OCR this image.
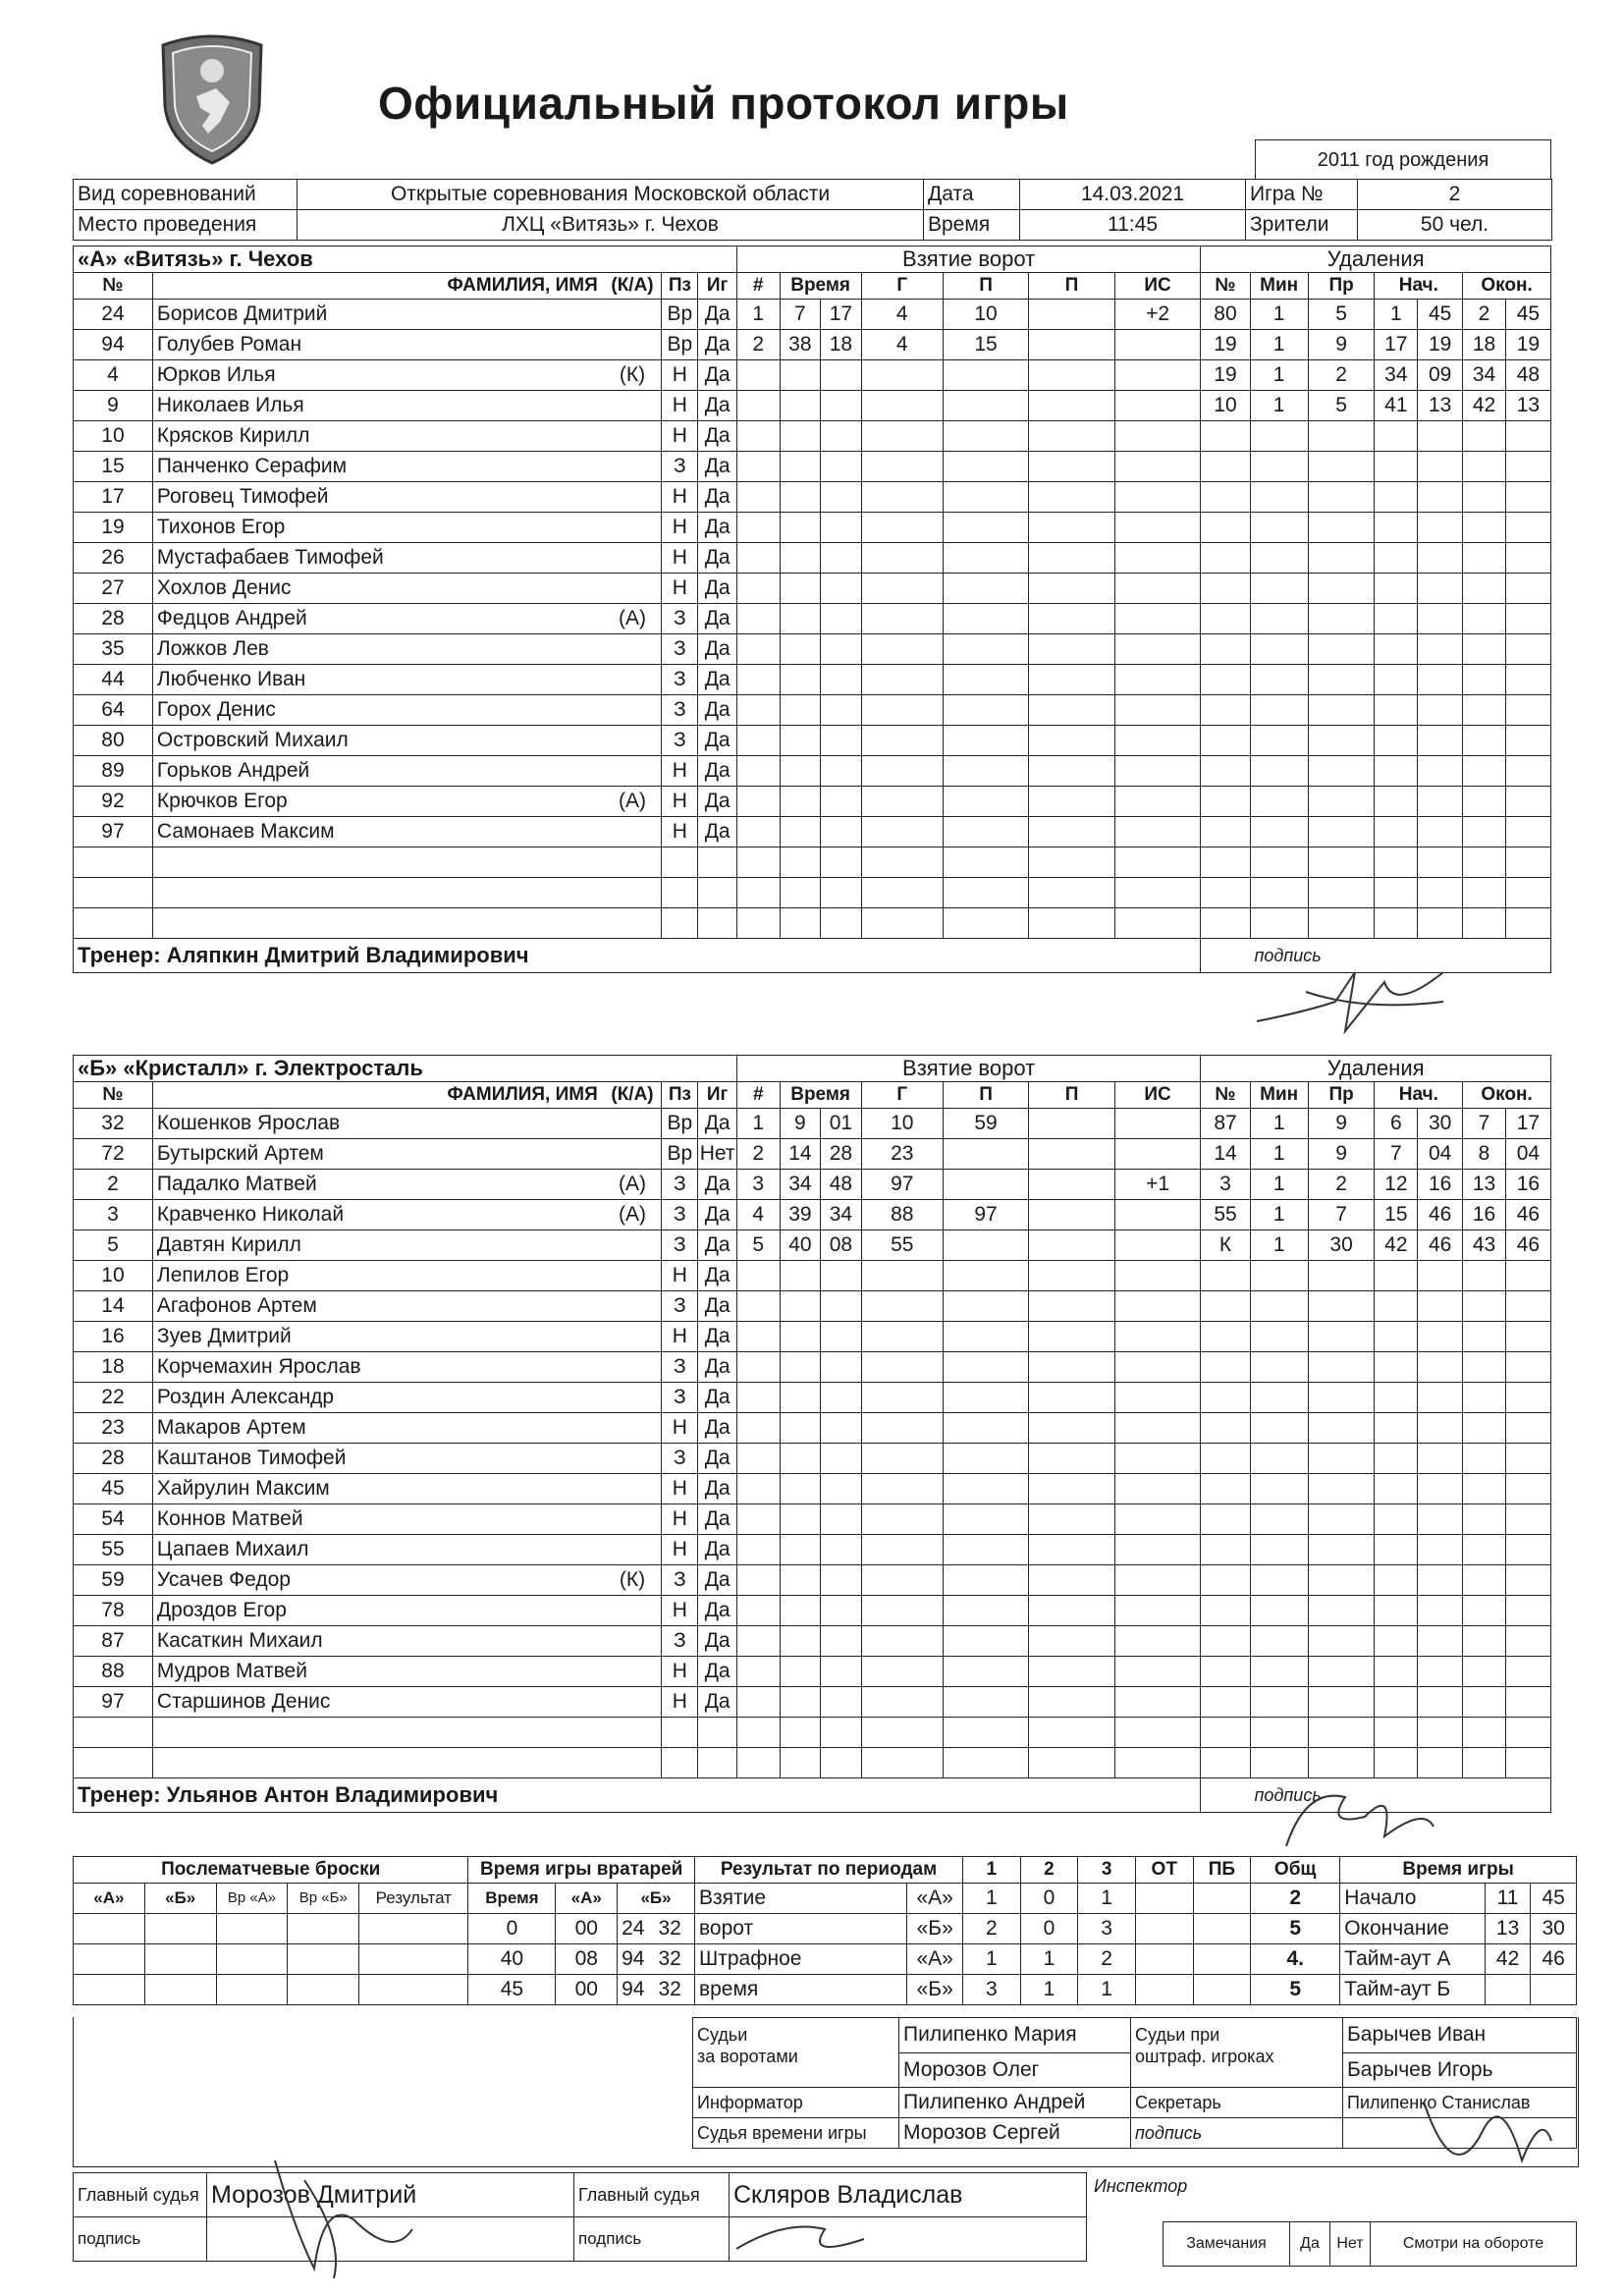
Официальный протокол игры
2011 год рождения
Вид соревнований	Открытые соревнования Московской области	Дата	14.03.2021	Игра №	2
Место проведения	ЛХЦ «Витязь» г. Чехов	Время	11:45	Зрители	50 чел.
«А» «Витязь» г. Чехов					Взятие ворот							Удаления						
№	ФАМИЛИЯ, ИМЯ	(К/А)	Пз	Иг	#	Время		Г	П	П	ИС	№	Мин	Пр	Нач.		Окон.	
24	Борисов Дмитрий		Вр	Да	1	7	17	4	10		+2	80	1	5	1	45	2	45
94	Голубев Роман		Вр	Да	2	38	18	4	15			19	1	9	17	19	18	19
4	Юрков Илья	(К)	Н	Да								19	1	2	34	09	34	48
9	Николаев Илья		Н	Да								10	1	5	41	13	42	13
10	Крясков Кирилл		Н	Да														
15	Панченко Серафим		З	Да														
17	Роговец Тимофей		Н	Да														
19	Тихонов Егор		Н	Да														
26	Мустафабаев Тимофей		Н	Да														
27	Хохлов Денис		Н	Да														
28	Федцов Андрей	(А)	З	Да														
35	Ложков Лев		З	Да														
44	Любченко Иван		З	Да														
64	Горох Денис		З	Да														
80	Островский Михаил		З	Да														
89	Горьков Андрей		Н	Да														
92	Крючков Егор	(А)	Н	Да														
97	Самонаев Максим		Н	Да														

Тренер: Аляпкин Дмитрий Владимирович												подпись						
«Б» «Кристалл» г. Электросталь					Взятие ворот							Удаления						
№	ФАМИЛИЯ, ИМЯ	(К/А)	Пз	Иг	#	Время		Г	П	П	ИС	№	Мин	Пр	Нач.		Окон.	
32	Кошенков Ярослав		Вр	Да	1	9	01	10	59			87	1	9	6	30	7	17
72	Бутырский Артем		Вр	Нет	2	14	28	23				14	1	9	7	04	8	04
2	Падалко Матвей	(А)	З	Да	3	34	48	97			+1	3	1	2	12	16	13	16
3	Кравченко Николай	(А)	З	Да	4	39	34	88	97			55	1	7	15	46	16	46
5	Давтян Кирилл		З	Да	5	40	08	55				К	1	30	42	46	43	46
10	Лепилов Егор		Н	Да														
14	Агафонов Артем		З	Да														
16	Зуев Дмитрий		Н	Да														
18	Корчемахин Ярослав		З	Да														
22	Роздин Александр		З	Да														
23	Макаров Артем		Н	Да														
28	Каштанов Тимофей		З	Да														
45	Хайрулин Максим		Н	Да														
54	Коннов Матвей		Н	Да														
55	Цапаев Михаил		Н	Да														
59	Усачев Федор	(К)	З	Да														
78	Дроздов Егор		Н	Да														
87	Касаткин Михаил		З	Да														
88	Мудров Матвей		Н	Да														
97	Старшинов Денис		Н	Да														

Тренер: Ульянов Антон Владимирович												подпись						
Послематчевые броски					Время игры вратарей			Результат по периодам		1	2	3	ОТ	ПБ	Общ	Время игры		
«А»	«Б»	Вр «А»	Вр «Б»	Результат	Время	«А»	«Б»	Взятие	«А»	1	0	1			2	Начало	11	45
					0	00	24 32	ворот	«Б»	2	0	3			5	Окончание	13	30
					40	08	94 32	Штрафное	«А»	1	1	2			4.	Тайм-аут А	42	46
					45	00	94 32	время	«Б»	3	1	1			5	Тайм-аут Б		
Судьи
за воротами	Пилипенко Мария	Судьи при
оштраф. игроках	Барычев Иван
	Морозов Олег		Барычев Игорь
Информатор	Пилипенко Андрей	Секретарь	Пилипенко Станислав
Судья времени игры	Морозов Сергей	подпись	
Главный судья	Морозов Дмитрий	Главный судья	Скляров Владислав
подпись		подпись	
Инспектор
Замечания	Да	Нет	Смотри на обороте
